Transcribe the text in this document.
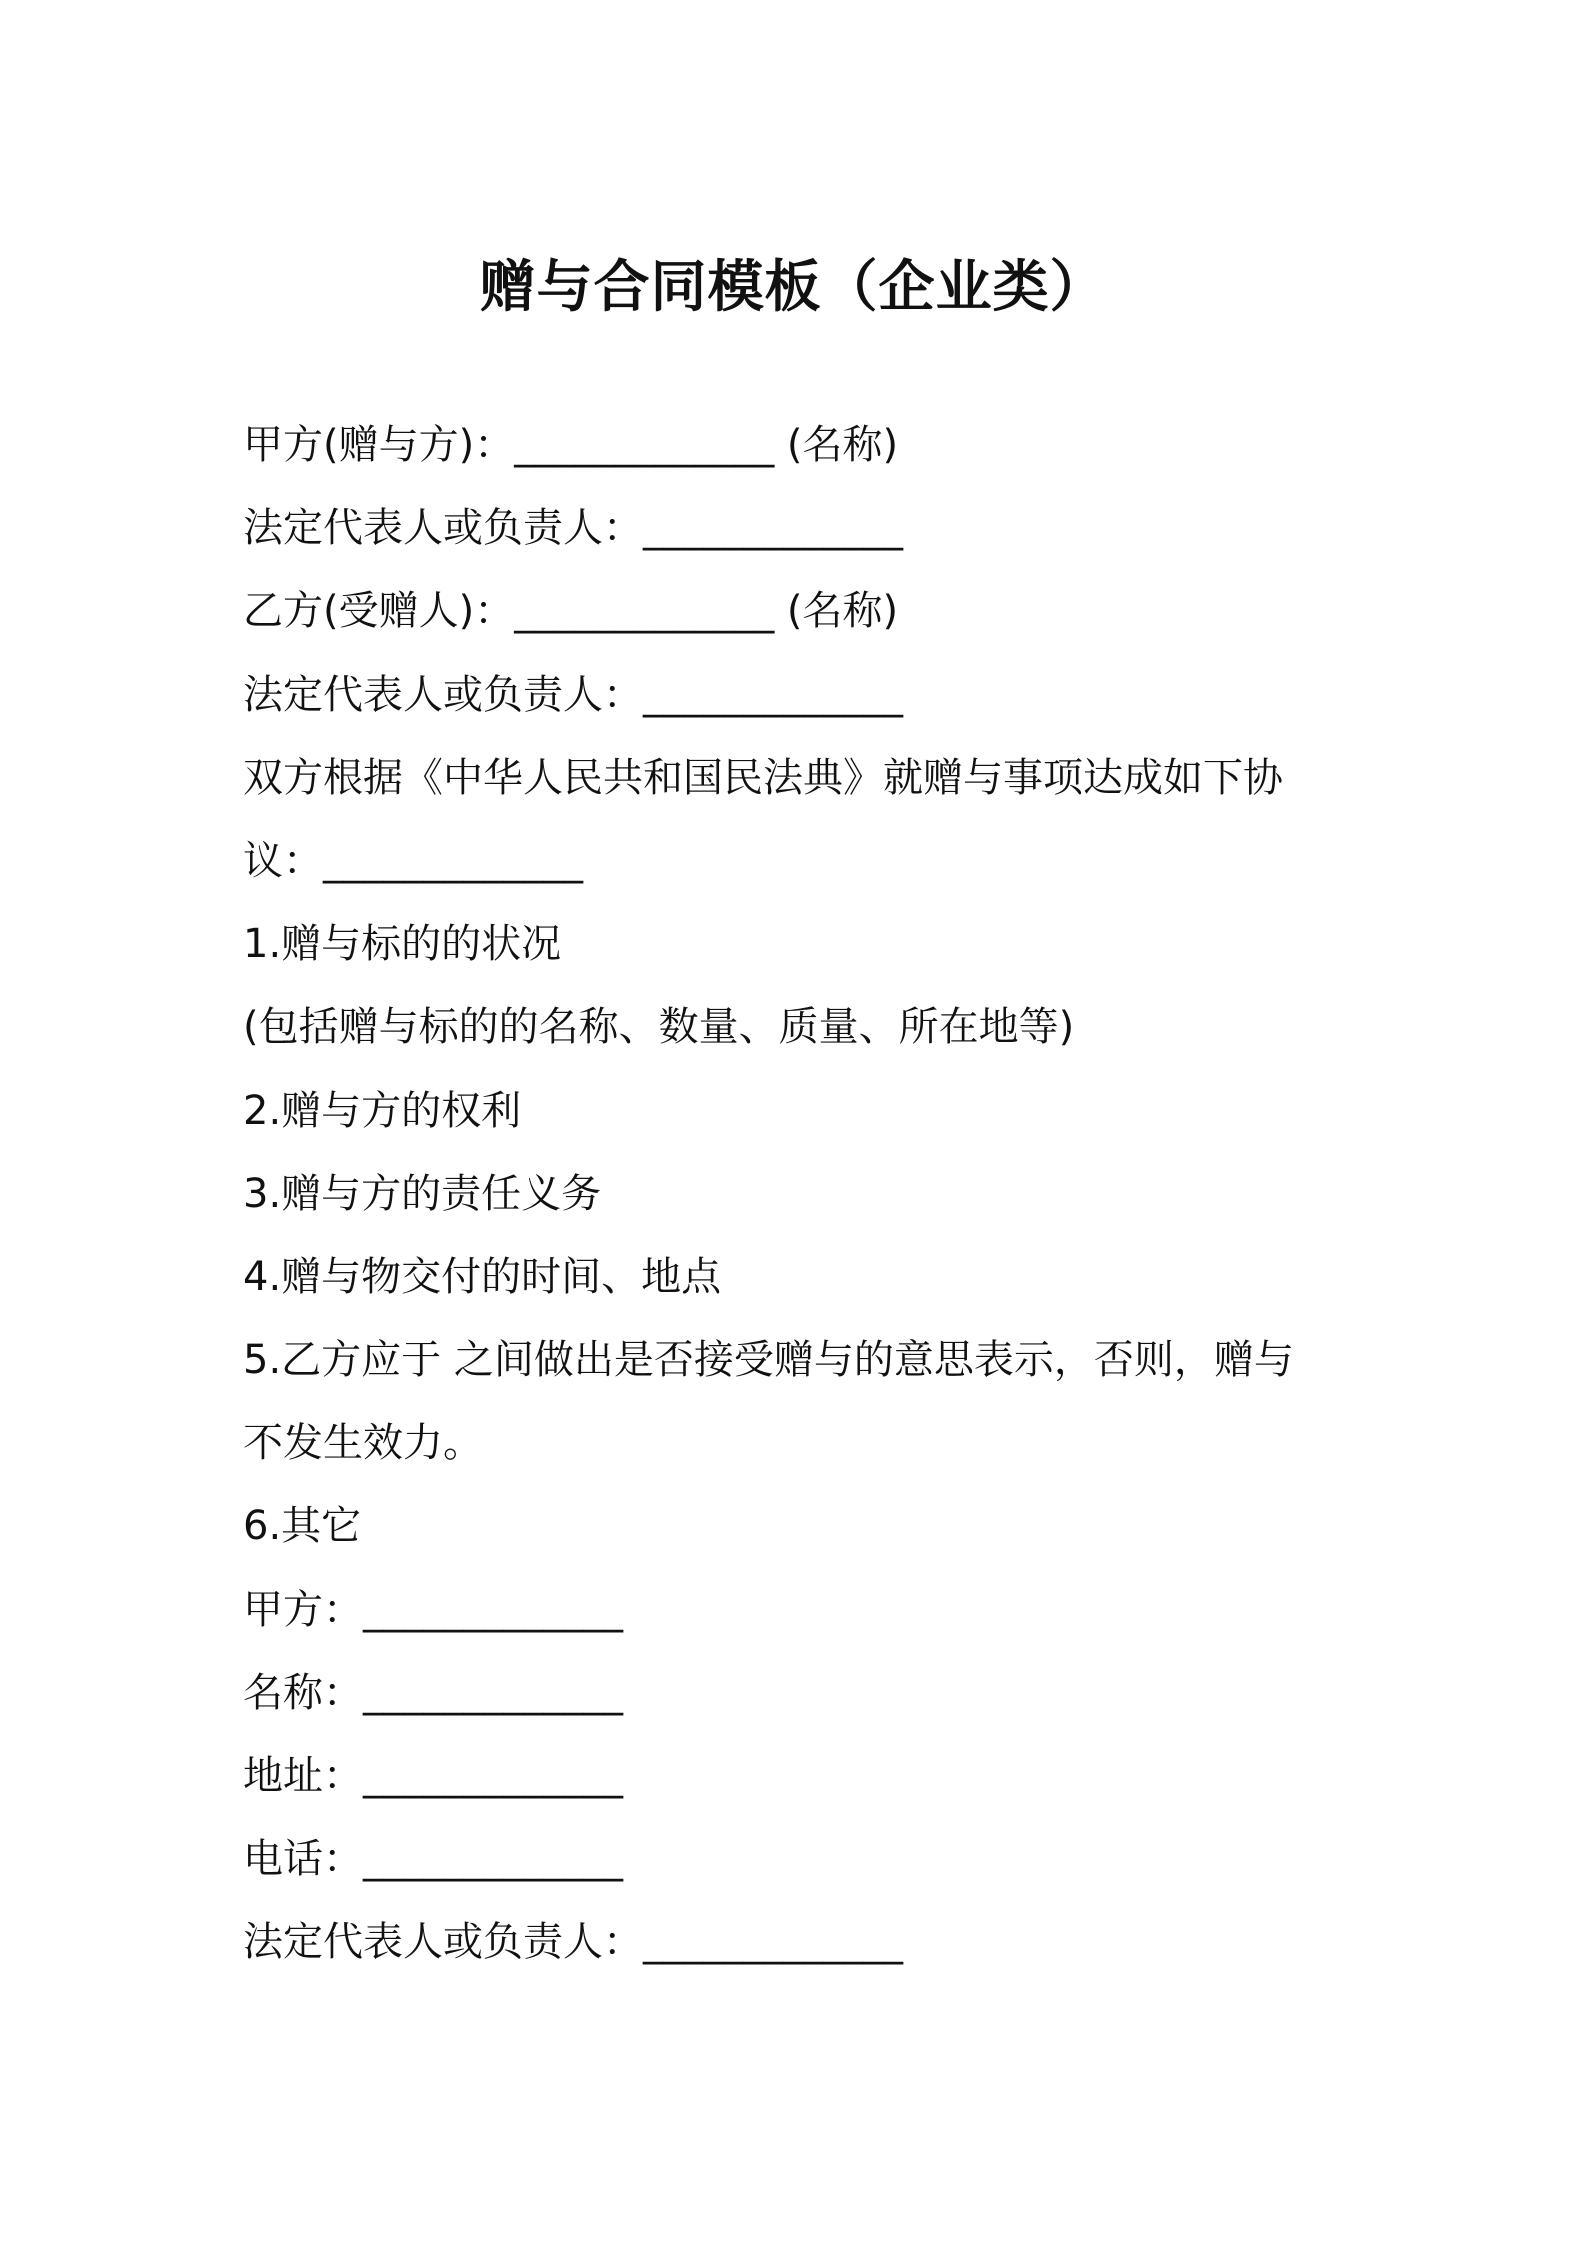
赠与合同模板（企业类）
甲方(赠与方)：_____________ (名称)
法定代表人或负责人：_____________
乙方(受赠人)：_____________ (名称)
法定代表人或负责人：_____________
双方根据《中华人民共和国民法典》就赠与事项达成如下协
议：_____________
1.赠与标的的状况
(包括赠与标的的名称、数量、质量、所在地等)
2.赠与方的权利
3.赠与方的责任义务
4.赠与物交付的时间、地点
5.乙方应于 之间做出是否接受赠与的意思表示，否则，赠与
不发生效力。
6.其它
甲方：_____________
名称：_____________
地址：_____________
电话：_____________
法定代表人或负责人：_____________
